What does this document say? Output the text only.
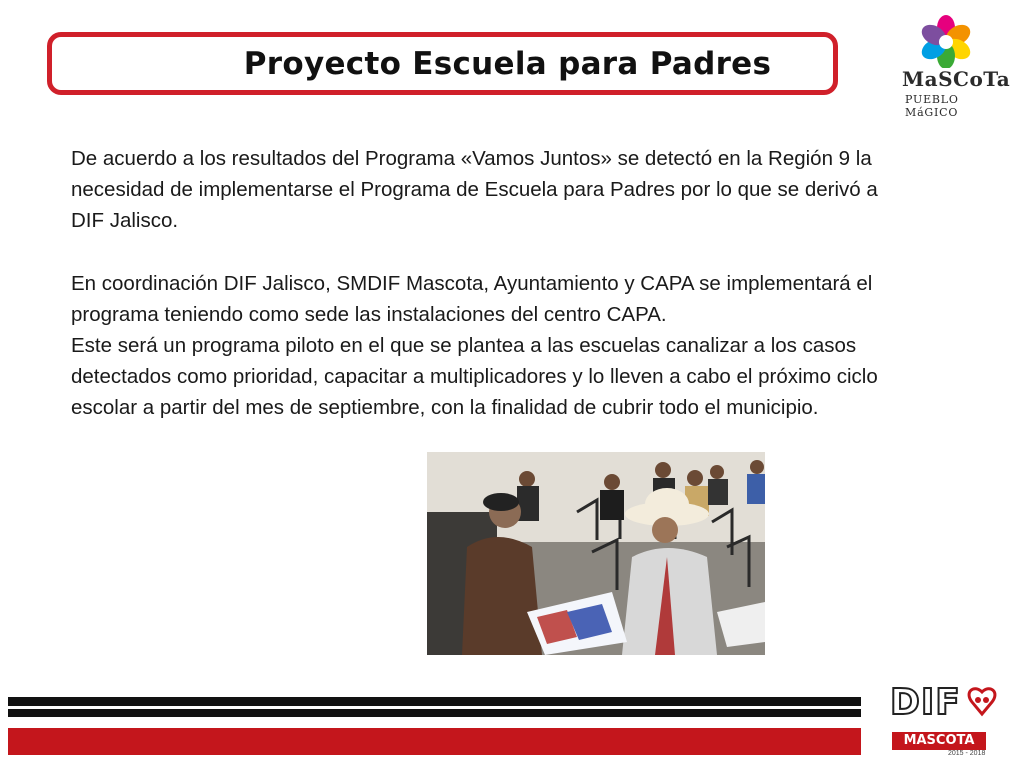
Proyecto Escuela para Padres	MaSCoTa
PUEBLO MáGICO

De acuerdo a los resultados del Programa «Vamos Juntos» se detectó en la Región 9 la necesidad de implementarse el Programa de Escuela para Padres por lo que se derivó a DIF Jalisco.

En coordinación DIF Jalisco, SMDIF Mascota, Ayuntamiento y CAPA se implementará el programa teniendo como sede las instalaciones del centro CAPA.

Este será un programa piloto en el que se plantea a las escuelas canalizar a los casos detectados como prioridad, capacitar a multiplicadores y lo lleven a cabo el próximo ciclo escolar a partir del mes de septiembre, con la finalidad de cubrir todo el municipio.

DIF
MASCOTA
2015 - 2018
